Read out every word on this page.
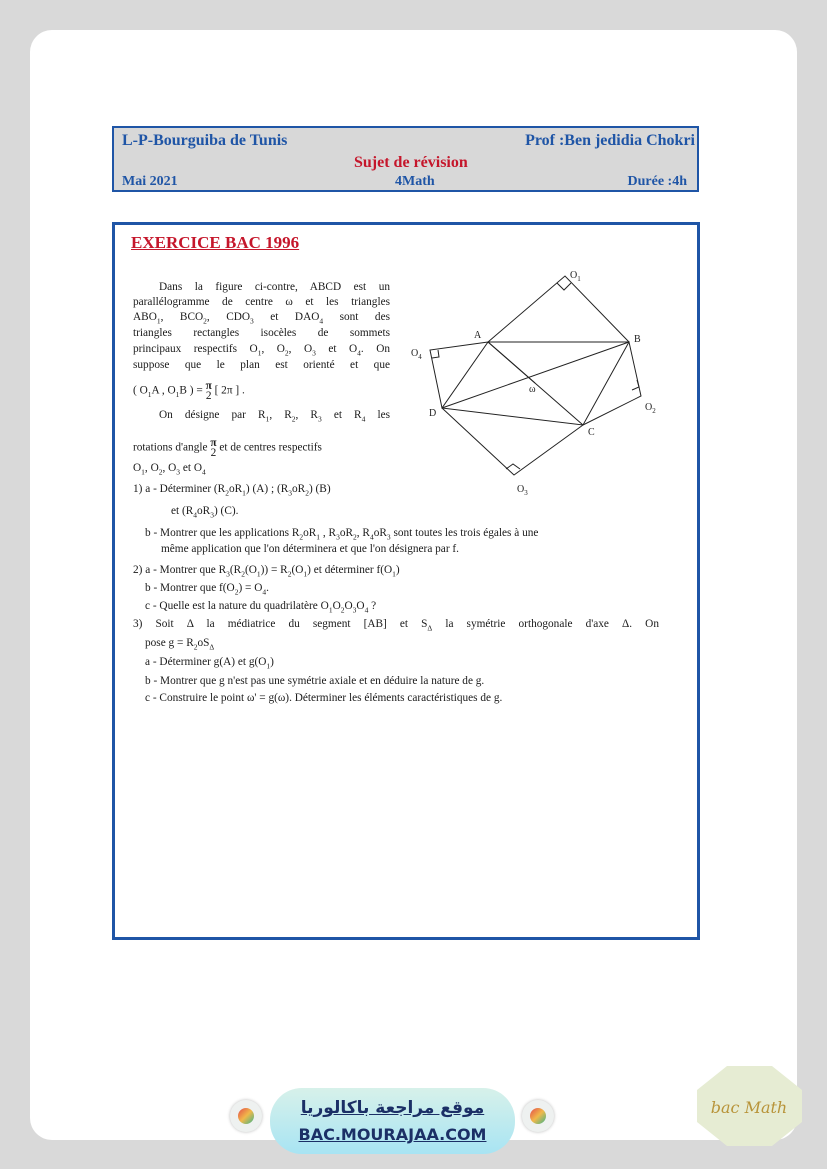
L-P-Bourguiba de Tunis	Prof :Ben jedidia Chokri
Sujet de révision
Mai 2021	4Math	Durée :4h
EXERCICE BAC 1996
Dans la figure ci-contre, ABCD est un
parallélogramme de centre ω et les triangles
$ABO_1$, $BCO_2$, $CDO_3$ et $DAO_4$ sont des
triangles rectangles isocèles de sommets
principaux respectifs $O_1$, $O_2$, $O_3$ et $O_4$. On
suppose que le plan est orienté et que
( $O_1A$ , $O_1B$ ) = π
2 [ 2π ] .
On désigne par $R_1$, $R_2$, $R_3$ et $R_4$ les
rotations d'angle π
2 et de centres respectifs
$O_1$, $O_2$, $O_3$ et $O_4$
1) a - Déterminer $(R_2oR_1)$ (A) ; $(R_3oR_2)$ (B)
et $(R_4oR_3)$ (C).
b - Montrer que les applications $R_2oR_1$ , $R_3oR_2$, $R_4oR_3$ sont toutes les trois égales à une
même application que l'on déterminera et que l'on désignera par f.
2) a - Montrer que $R_3(R_2(O_1)) = R_2(O_1)$ et déterminer $f(O_1)$
b - Montrer que $f(O_2) = O_4$.
c - Quelle est la nature du quadrilatère $O_1O_2O_3O_4$ ?
3) Soit Δ la médiatrice du segment [AB] et $S_\Delta$ la symétrie orthogonale d'axe Δ. On
pose $g = R_2oS_\Delta$
a - Déterminer g(A) et $g(O_1)$
b - Montrer que g n'est pas une symétrie axiale et en déduire la nature de g.
c - Construire le point ω' = g(ω). Déterminer les éléments caractéristiques de g.
$O_1$
A	B
C
D
$O_2$
$O_3$
$O_4$
ω
موقع مراجعة باكالوريا
BAC.MOURAJAA.COM
bac Math
